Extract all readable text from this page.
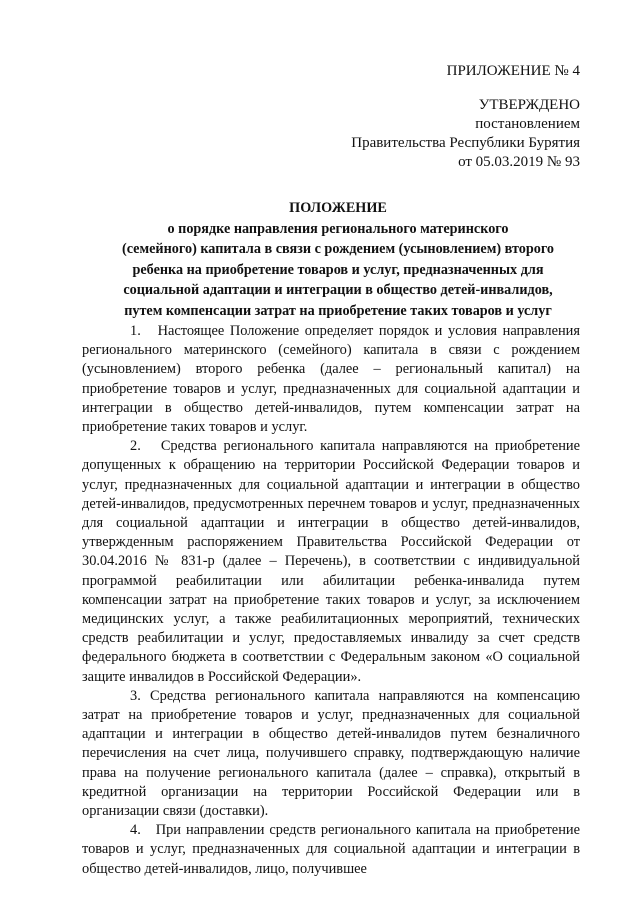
ПРИЛОЖЕНИЕ № 4
УТВЕРЖДЕНО
постановлением
Правительства Республики Бурятия
от 05.03.2019 № 93
ПОЛОЖЕНИЕ
о порядке направления регионального материнского
(семейного) капитала в связи с рождением (усыновлением) второго
ребенка на приобретение товаров и услуг, предназначенных для
социальной адаптации и интеграции в общество детей-инвалидов,
путем компенсации затрат на приобретение таких товаров и услуг

1.   Настоящее Положение определяет порядок и условия направления регионального материнского (семейного) капитала в связи с рождением (усыновлением) второго ребенка (далее – региональный капитал) на приобретение товаров и услуг, предназначенных для социальной адаптации и интеграции в общество детей-инвалидов, путем компенсации затрат на приобретение таких товаров и услуг.

2.   Средства регионального капитала направляются на приобретение допущенных к обращению на территории Российской Федерации товаров и услуг, предназначенных для социальной адаптации и интеграции в общество детей-инвалидов, предусмотренных перечнем товаров и услуг, предназначенных для социальной адаптации и интеграции в общество детей-инвалидов, утвержденным распоряжением Правительства Российской Федерации от 30.04.2016 № 831-р (далее – Перечень), в соответствии с индивидуальной программой реабилитации или абилитации ребенка-инвалида путем компенсации затрат на приобретение таких товаров и услуг, за исключением медицинских услуг, а также реабилитационных мероприятий, технических средств реабилитации и услуг, предоставляемых инвалиду за счет средств федерального бюджета в соответствии с Федеральным законом «О социальной защите инвалидов в Российской Федерации».

3. Средства регионального капитала направляются на компенсацию затрат на приобретение товаров и услуг, предназначенных для социальной адаптации и интеграции в общество детей-инвалидов путем безналичного перечисления на счет лица, получившего справку, подтверждающую наличие права на получение регионального капитала (далее – справка), открытый в кредитной организации на территории Российской Федерации или в организации связи (доставки).

4.   При направлении средств регионального капитала на приобретение товаров и услуг, предназначенных для социальной адаптации и интеграции в общество детей-инвалидов, лицо, получившее
